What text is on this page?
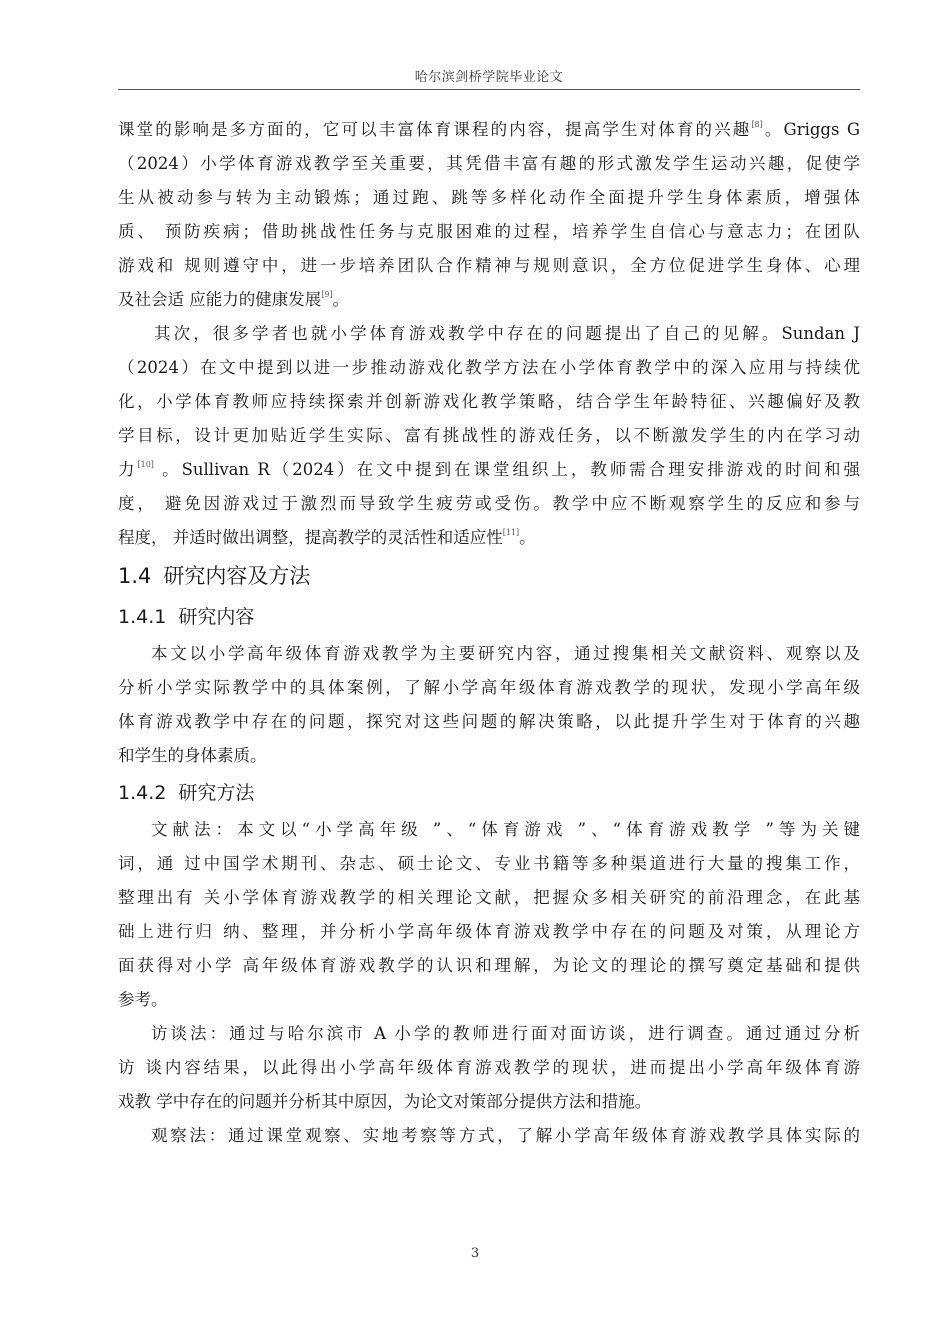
哈尔滨剑桥学院毕业论文
课堂的影响是多方面的，它可以丰富体育课程的内容，提高学生对体育的兴趣[8]。Griggs G
（2024）小学体育游戏教学至关重要，其凭借丰富有趣的形式激发学生运动兴趣，促使学
生从被动参与转为主动锻炼；通过跑、跳等多样化动作全面提升学生身体素质，增强体
质、 预防疾病；借助挑战性任务与克服困难的过程，培养学生自信心与意志力；在团队
游戏和 规则遵守中，进一步培养团队合作精神与规则意识，全方位促进学生身体、心理
及社会适 应能力的健康发展[9]。
其次，很多学者也就小学体育游戏教学中存在的问题提出了自己的见解。Sundan J
（2024）在文中提到以进一步推动游戏化教学方法在小学体育教学中的深入应用与持续优
化，小学体育教师应持续探索并创新游戏化教学策略，结合学生年龄特征、兴趣偏好及教
学目标，设计更加贴近学生实际、富有挑战性的游戏任务，以不断激发学生的内在学习动
力[10] 。Sullivan R（2024）在文中提到在课堂组织上，教师需合理安排游戏的时间和强
度， 避免因游戏过于激烈而导致学生疲劳或受伤。教学中应不断观察学生的反应和参与
程度， 并适时做出调整，提高教学的灵活性和适应性[11]。
1.4 研究内容及方法
1.4.1 研究内容
本文以小学高年级体育游戏教学为主要研究内容，通过搜集相关文献资料、观察以及
分析小学实际教学中的具体案例，了解小学高年级体育游戏教学的现状，发现小学高年级
体育游戏教学中存在的问题，探究对这些问题的解决策略，以此提升学生对于体育的兴趣
和学生的身体素质。
1.4.2 研究方法
文献法：本文以“小学高年级 ”、“体育游戏 ”、“体育游戏教学 ”等为关键
词，通 过中国学术期刊、杂志、硕士论文、专业书籍等多种渠道进行大量的搜集工作，
整理出有 关小学体育游戏教学的相关理论文献，把握众多相关研究的前沿理念，在此基
础上进行归 纳、整理，并分析小学高年级体育游戏教学中存在的问题及对策，从理论方
面获得对小学 高年级体育游戏教学的认识和理解，为论文的理论的撰写奠定基础和提供
参考。
访谈法：通过与哈尔滨市 A 小学的教师进行面对面访谈，进行调查。通过通过分析
访 谈内容结果，以此得出小学高年级体育游戏教学的现状，进而提出小学高年级体育游
戏教 学中存在的问题并分析其中原因，为论文对策部分提供方法和措施。
观察法：通过课堂观察、实地考察等方式，了解小学高年级体育游戏教学具体实际的
3
